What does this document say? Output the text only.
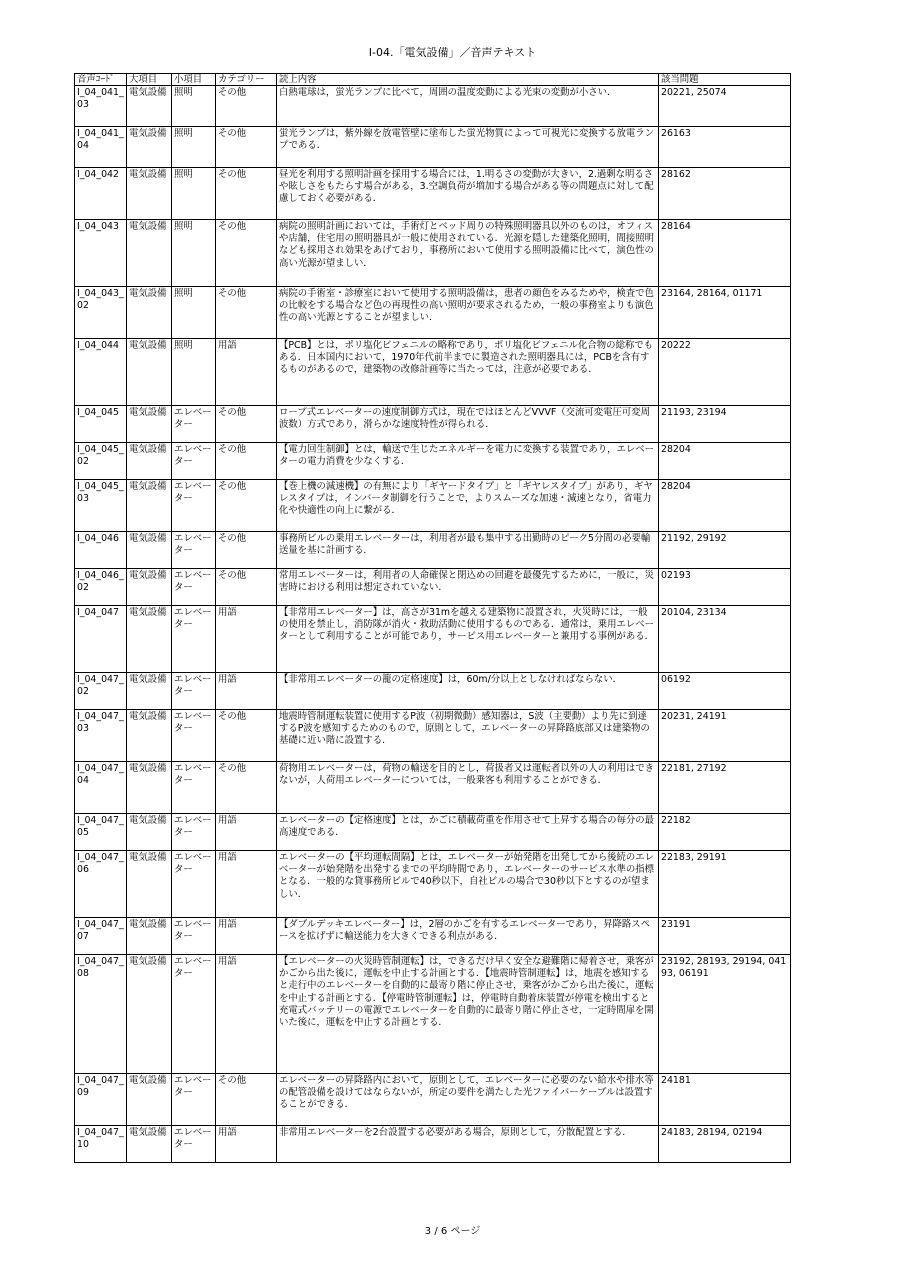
I-04.「電気設備」／音声テキスト
音声ｺｰﾄﾞ	大項目	小項目	カテゴリー	読上内容	該当問題
I_04_041_03	電気設備	照明	その他	白熱電球は，蛍光ランプに比べて，周囲の温度変動による光束の変動が小さい．	20221, 25074
I_04_041_04	電気設備	照明	その他	蛍光ランプは，紫外線を放電管壁に塗布した蛍光物質によって可視光に変換する放電ランプである．	26163
I_04_042	電気設備	照明	その他	昼光を利用する照明計画を採用する場合には，1.明るさの変動が大きい，2.過剰な明るさや眩しさをもたらす場合がある，3.空調負荷が増加する場合がある等の問題点に対して配慮しておく必要がある．	28162
I_04_043	電気設備	照明	その他	病院の照明計画においては，手術灯とベッド周りの特殊照明器具以外のものは，オフィスや店舗，住宅用の照明器具が一般に使用されている．光源を隠した建築化照明，間接照明なども採用され効果をあげており，事務所において使用する照明設備に比べて，演色性の高い光源が望ましい．	28164
I_04_043_02	電気設備	照明	その他	病院の手術室・診療室において使用する照明設備は，患者の顔色をみるためや，検査で色の比較をする場合など色の再現性の高い照明が要求されるため，一般の事務室よりも演色性の高い光源とすることが望ましい．	23164, 28164, 01171
I_04_044	電気設備	照明	用語	【PCB】とは，ポリ塩化ビフェニルの略称であり，ポリ塩化ビフェニル化合物の総称でもある．日本国内において，1970年代前半までに製造された照明器具には，PCBを含有するものがあるので，建築物の改修計画等に当たっては，注意が必要である．	20222
I_04_045	電気設備	エレベーター	その他	ロープ式エレベーターの速度制御方式は，現在ではほとんどVVVF（交流可変電圧可変周波数）方式であり，滑らかな速度特性が得られる．	21193, 23194
I_04_045_02	電気設備	エレベーター	その他	【電力回生制御】とは，輸送で生じたエネルギーを電力に変換する装置であり，エレベーターの電力消費を少なくする．	28204
I_04_045_03	電気設備	エレベーター	その他	【巻上機の減速機】の有無により「ギヤードタイプ」と「ギヤレスタイプ」があり，ギヤレスタイプは，インバータ制御を行うことで，よりスムーズな加速・減速となり，省電力化や快適性の向上に繋がる．	28204
I_04_046	電気設備	エレベーター	その他	事務所ビルの乗用エレベーターは，利用者が最も集中する出勤時のピーク5分間の必要輸送量を基に計画する．	21192, 29192
I_04_046_02	電気設備	エレベーター	その他	常用エレベーターは，利用者の人命確保と閉込めの回避を最優先するために，一般に，災害時における利用は想定されていない．	02193
I_04_047	電気設備	エレベーター	用語	【非常用エレベーター】は，高さが31mを越える建築物に設置され，火災時には，一般の使用を禁止し，消防隊が消火・救助活動に使用するものである．通常は，乗用エレベーターとして利用することが可能であり，サービス用エレベーターと兼用する事例がある．	20104, 23134
I_04_047_02	電気設備	エレベーター	用語	【非常用エレベーターの籠の定格速度】は，60m/分以上としなければならない．	06192
I_04_047_03	電気設備	エレベーター	その他	地震時管制運転装置に使用するP波（初期微動）感知器は，S波（主要動）より先に到達するP波を感知するためのもので，原則として，エレベーターの昇降路底部又は建築物の基礎に近い階に設置する．	20231, 24191
I_04_047_04	電気設備	エレベーター	その他	荷物用エレベーターは，荷物の輸送を目的とし，荷扱者又は運転者以外の人の利用はできないが，人荷用エレベーターについては，一般乗客も利用することができる．	22181, 27192
I_04_047_05	電気設備	エレベーター	用語	エレベーターの【定格速度】とは，かごに積載荷重を作用させて上昇する場合の毎分の最高速度である．	22182
I_04_047_06	電気設備	エレベーター	用語	エレベーターの【平均運転間隔】とは，エレベーターが始発階を出発してから後続のエレベーターが始発階を出発するまでの平均時間であり，エレベーターのサービス水準の指標となる．一般的な貸事務所ビルで40秒以下，自社ビルの場合で30秒以下とするのが望ましい．	22183, 29191
I_04_047_07	電気設備	エレベーター	用語	【ダブルデッキエレベーター】は，2層のかごを有するエレベーターであり，昇降路スペースを拡げずに輸送能力を大きくできる利点がある．	23191
I_04_047_08	電気設備	エレベーター	用語	【エレベーターの火災時管制運転】は，できるだけ早く安全な避難階に帰着させ，乗客がかごから出た後に，運転を中止する計画とする．【地震時管制運転】は，地震を感知すると走行中のエレベーターを自動的に最寄り階に停止させ，乗客がかごから出た後に，運転を中止する計画とする．【停電時管制運転】は，停電時自動着床装置が停電を検出すると充電式バッテリーの電源でエレベーターを自動的に最寄り階に停止させ，一定時間扉を開いた後に，運転を中止する計画とする．	23192, 28193, 29194, 04193, 06191
I_04_047_09	電気設備	エレベーター	その他	エレベーターの昇降路内において，原則として，エレベーターに必要のない給水や排水等の配管設備を設けてはならないが，所定の要件を満たした光ファイバーケーブルは設置することができる．	24181
I_04_047_10	電気設備	エレベーター	用語	非常用エレベーターを2台設置する必要がある場合，原則として，分散配置とする．	24183, 28194, 02194
3 / 6 ページ
